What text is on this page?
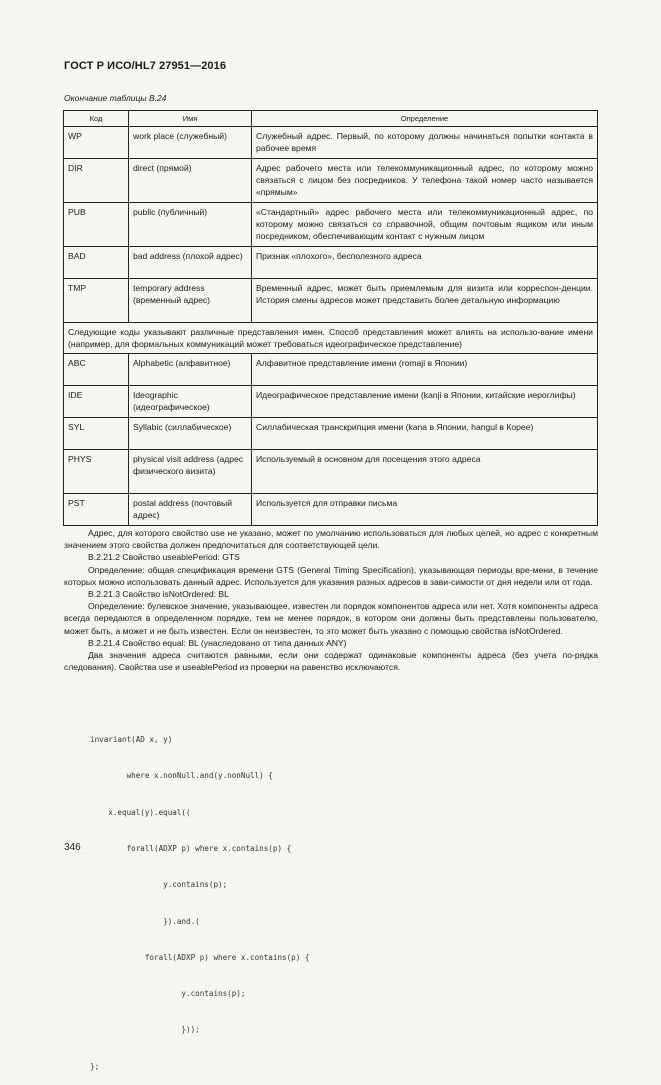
ГОСТ Р ИСО/HL7 27951—2016
Окончание таблицы В.24
Код	Имя	Определение
WP	work place (служебный)	Служебный адрес. Первый, по которому должны начинаться попытки контакта в рабочее время
DIR	direct (прямой)	Адрес рабочего места или телекоммуникационный адрес, по которому можно связаться с лицом без посредников. У телефона такой номер часто называется «прямым»
PUB	public (публичный)	«Стандартный» адрес рабочего места или телекоммуникационный адрес, по которому можно связаться со справочной, общим почтовым ящиком или иным посредником, обеспечивающим контакт с нужным лицом
BAD	bad address (плохой адрес)	Признак «плохого», бесполезного адреса
TMP	temporary address (временный адрес)	Временный адрес, может быть приемлемым для визита или корреспон-денции. История смены адресов может представить более детальную информацию
Следующие коды указывают различные представления имен. Способ представления может влиять на использо-вание имени (например, для формальных коммуникаций может требоваться идеографическое представление)		
ABC	Alphabetic (алфавитное)	Алфавитное представление имени (romaji в Японии)
IDE	Ideographic (идеографическое)	Идеографическое представление имени (kanji в Японии, китайские иероглифы)
SYL	Syllabic (силлабическое)	Силлабическая транскрипция имени (kana в Японии, hangul в Корее)
PHYS	physical visit address (адрес физического визита)	Используемый в основном для посещения этого адреса
PST	postal address (почтовый адрес)	Используется для отправки письма

Адрес, для которого свойство use не указано, может по умолчанию использоваться для любых целей, но адрес с конкретным значением этого свойства должен предпочитаться для соответствующей цели.

B.2.21.2 Свойство useablePeriod: GTS

Определение: общая спецификация времени GTS (General Timing Specification), указывающая периоды вре-мени, в течение которых можно использовать данный адрес. Используется для указания разных адресов в зави-симости от дня недели или от года.

B.2.21.3 Свойство isNotOrdered: BL

Определение: булевское значение, указывающее, известен ли порядок компонентов адреса или нет. Хотя компоненты адреса всегда передаются в определенном порядке, тем не менее порядок, в котором они должны быть представлены пользователю, может быть, а может и не быть известен. Если он неизвестен, то это может быть указано с помощью свойства isNotOrdered.

B.2.21.4 Свойство equal: BL (унаследовано от типа данных ANY)

Два значения адреса считаются равными, если они содержат одинаковые компоненты адреса (без учета по-рядка следования). Свойства use и useablePeriod из проверки на равенство исключаются.

invariant(AD x, y)

where x.nonNull.and(y.nonNull) {

x.equal(y).equal((

forall(ADXP p) where x.contains(p) {

y.contains(p);

}).and.(

forall(ADXP p) where x.contains(p) {

y.contains(p);

}));

};

346
